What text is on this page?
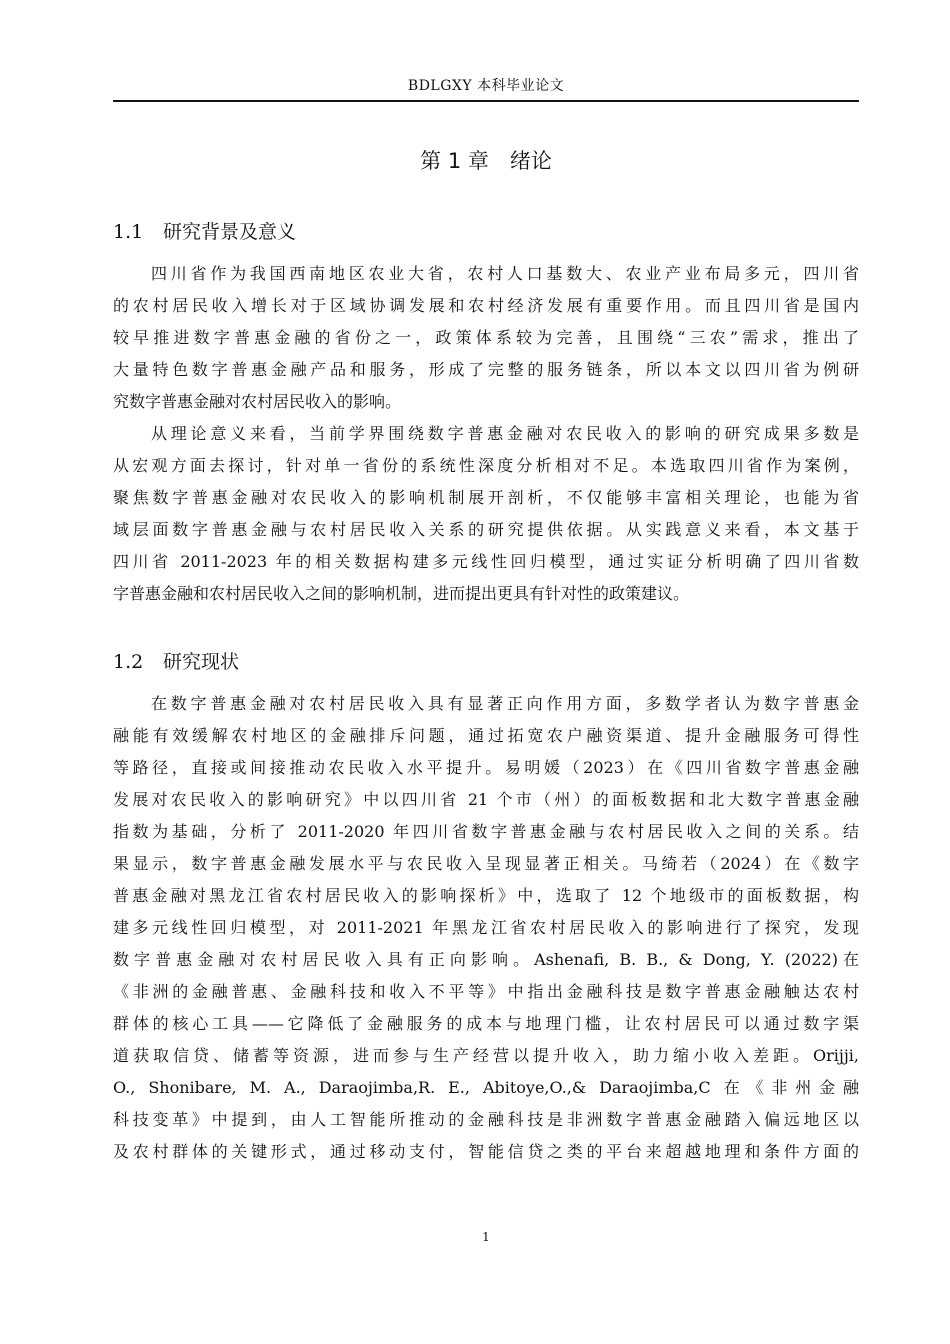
BDLGXY 本科毕业论文
第 1 章　绪论
1.1 研究背景及意义
四川省作为我国西南地区农业大省，农村人口基数大、农业产业布局多元，四川省
的农村居民收入增长对于区域协调发展和农村经济发展有重要作用。而且四川省是国内
较早推进数字普惠金融的省份之一，政策体系较为完善，且围绕“三农”需求，推出了
大量特色数字普惠金融产品和服务，形成了完整的服务链条，所以本文以四川省为例研
究数字普惠金融对农村居民收入的影响。
从理论意义来看，当前学界围绕数字普惠金融对农民收入的影响的研究成果多数是
从宏观方面去探讨，针对单一省份的系统性深度分析相对不足。本选取四川省作为案例，
聚焦数字普惠金融对农民收入的影响机制展开剖析，不仅能够丰富相关理论，也能为省
域层面数字普惠金融与农村居民收入关系的研究提供依据。从实践意义来看，本文基于
四川省 2011-2023 年的相关数据构建多元线性回归模型，通过实证分析明确了四川省数
字普惠金融和农村居民收入之间的影响机制，进而提出更具有针对性的政策建议。
1.2 研究现状
在数字普惠金融对农村居民收入具有显著正向作用方面，多数学者认为数字普惠金
融能有效缓解农村地区的金融排斥问题，通过拓宽农户融资渠道、提升金融服务可得性
等路径，直接或间接推动农民收入水平提升。易明媛（2023）在《四川省数字普惠金融
发展对农民收入的影响研究》中以四川省 21 个市（州）的面板数据和北大数字普惠金融
指数为基础，分析了 2011-2020 年四川省数字普惠金融与农村居民收入之间的关系。结
果显示，数字普惠金融发展水平与农民收入呈现显著正相关。马绮若（2024）在《数字
普惠金融对黑龙江省农村居民收入的影响探析》中，选取了 12 个地级市的面板数据，构
建多元线性回归模型，对 2011-2021 年黑龙江省农村居民收入的影响进行了探究，发现
数字普惠金融对农村居民收入具有正向影响。Ashenafi, B. B., & Dong, Y. (2022)在
《非洲的金融普惠、金融科技和收入不平等》中指出金融科技是数字普惠金融触达农村
群体的核心工具——它降低了金融服务的成本与地理门槛，让农村居民可以通过数字渠
道获取信贷、储蓄等资源，进而参与生产经营以提升收入，助力缩小收入差距。Orijji,
O., Shonibare, M. A., Daraojimba,R. E., Abitoye,O.,& Daraojimba,C 在《非州金融
科技变革》中提到，由人工智能所推动的金融科技是非洲数字普惠金融踏入偏远地区以
及农村群体的关键形式，通过移动支付，智能信贷之类的平台来超越地理和条件方面的
1
